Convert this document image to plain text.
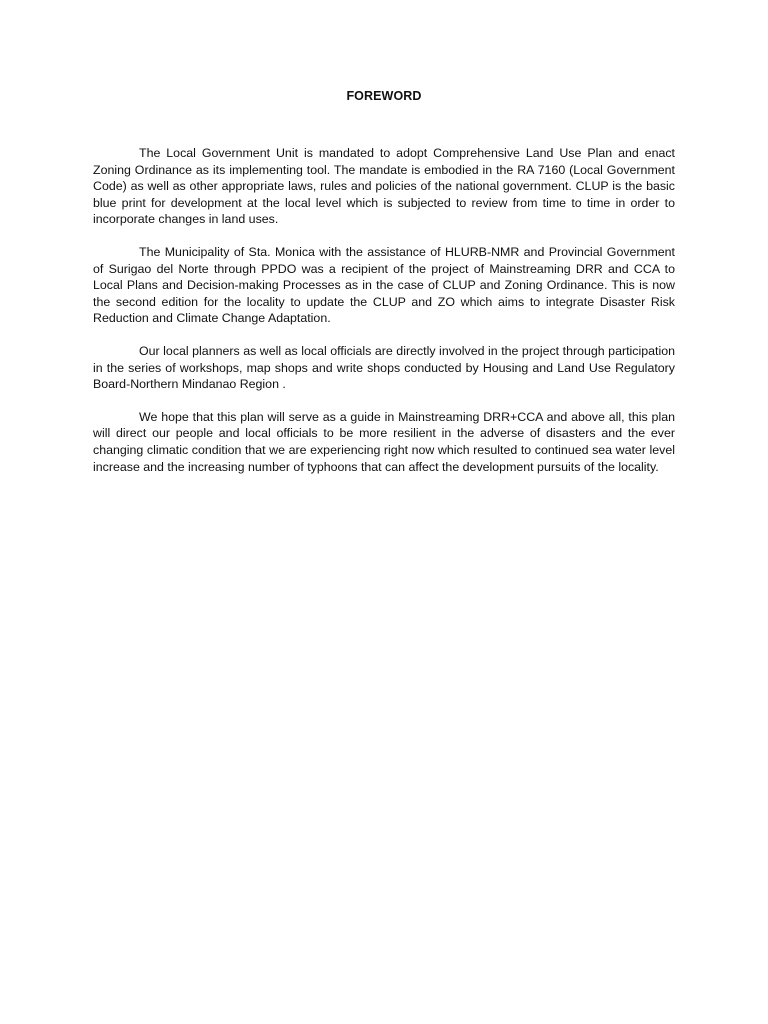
FOREWORD

The Local Government Unit is mandated to adopt Comprehensive Land Use Plan and enact Zoning Ordinance as its implementing tool. The mandate is embodied in the RA 7160 (Local Government Code) as well as other appropriate laws, rules and policies of the national government. CLUP is the basic blue print for development at the local level which is subjected to review from time to time in order to incorporate changes in land uses.

The Municipality of Sta. Monica with the assistance of HLURB-NMR and Provincial Government of Surigao del Norte through PPDO was a recipient of the project of Mainstreaming DRR and CCA to Local Plans and Decision-making Processes as in the case of CLUP and Zoning Ordinance. This is now the second edition for the locality to update the CLUP and ZO which aims to integrate Disaster Risk Reduction and Climate Change Adaptation.

Our local planners as well as local officials are directly involved in the project through participation in the series of workshops, map shops and write shops conducted by Housing and Land Use Regulatory Board-Northern Mindanao Region .

We hope that this plan will serve as a guide in Mainstreaming DRR+CCA and above all, this plan will direct our people and local officials to be more resilient in the adverse of disasters and the ever changing climatic condition that we are experiencing right now which resulted to continued sea water level increase and the increasing number of typhoons that can affect the development pursuits of the locality.
